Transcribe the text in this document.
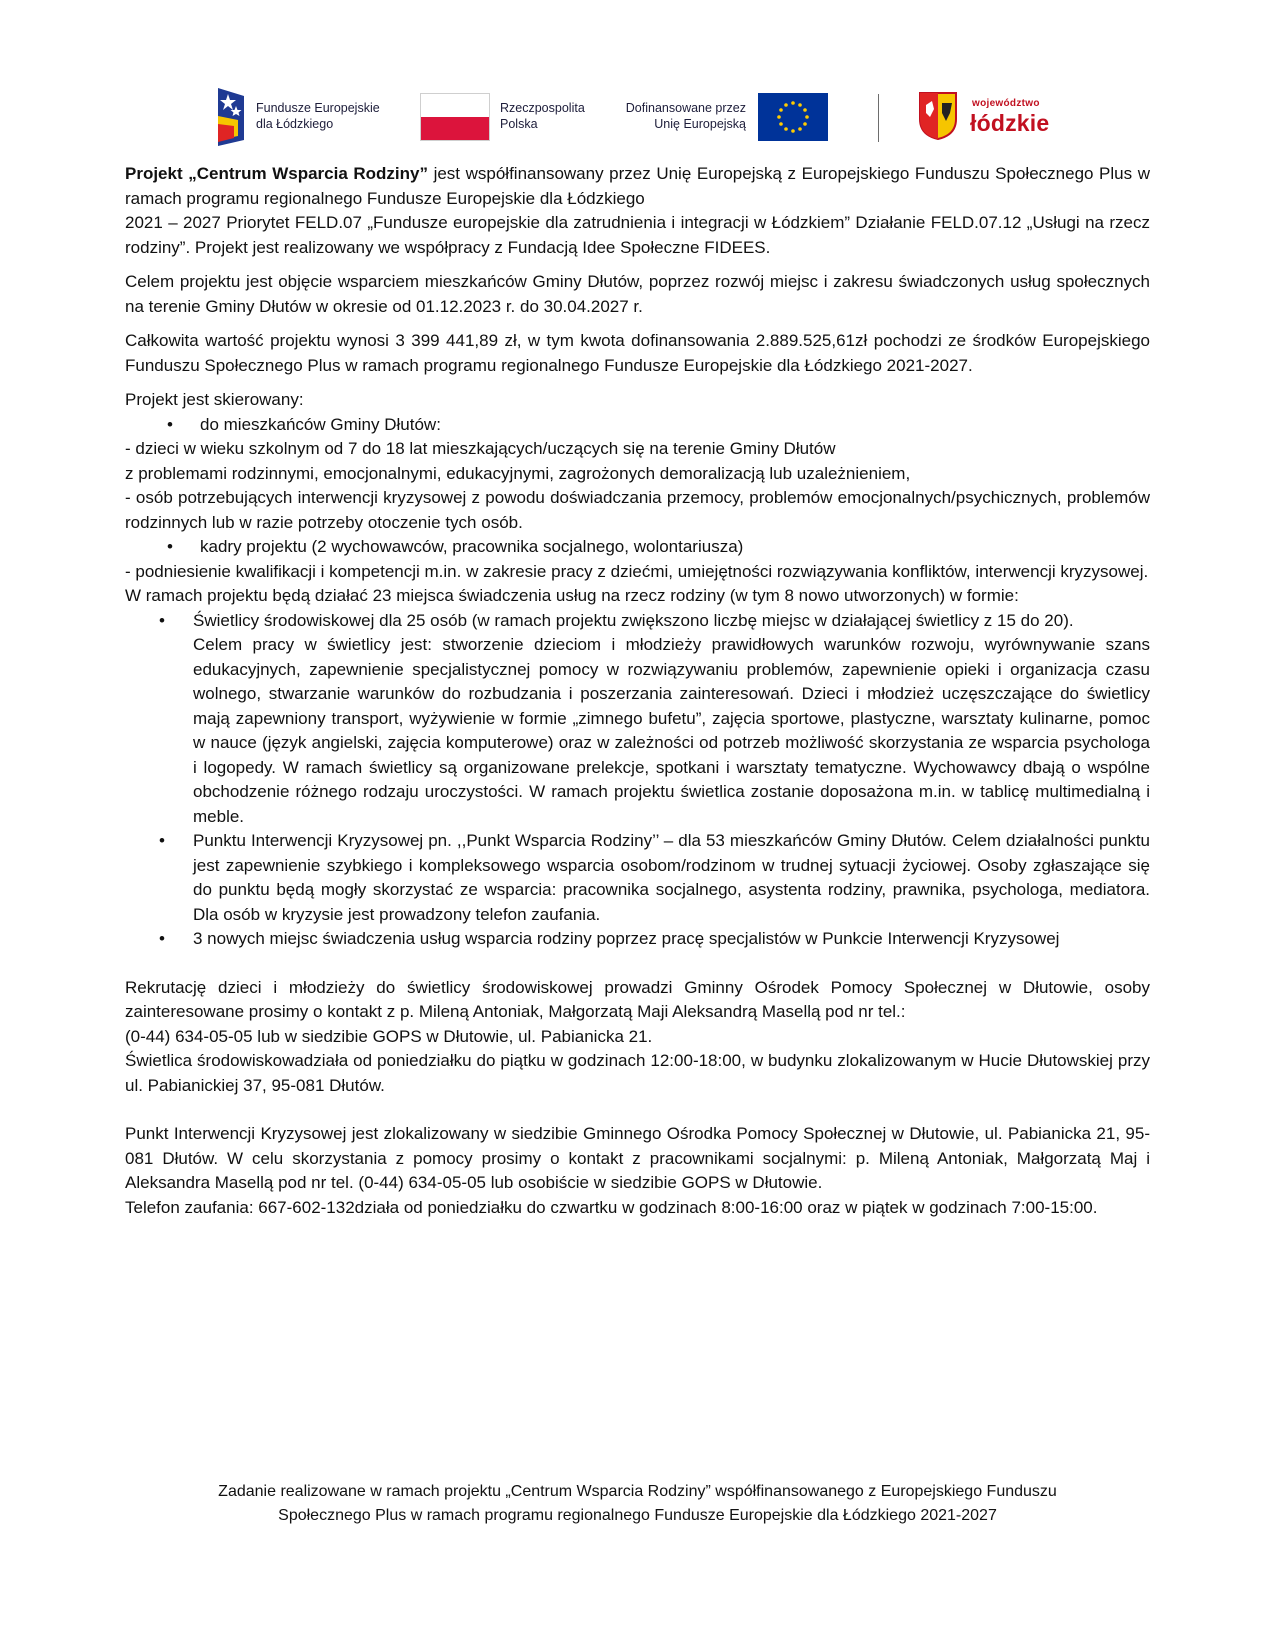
Fundusze Europejskie
dla Łódzkiego
Rzeczpospolita
Polska
Dofinansowane przez
Unię Europejską
województwo
łódzkie

Projekt „Centrum Wsparcia Rodziny” jest współfinansowany przez Unię Europejską z Europejskiego Funduszu Społecznego Plus w ramach programu regionalnego Fundusze Europejskie dla Łódzkiego

2021 – 2027 Priorytet FELD.07 „Fundusze europejskie dla zatrudnienia i integracji w Łódzkiem” Działanie FELD.07.12 „Usługi na rzecz rodziny”. Projekt jest realizowany we współpracy z Fundacją Idee Społeczne FIDEES.

Celem projektu jest objęcie wsparciem mieszkańców Gminy Dłutów, poprzez rozwój miejsc i zakresu świadczonych usług społecznych na terenie Gminy Dłutów w okresie od 01.12.2023 r. do 30.04.2027 r.

Całkowita wartość projektu wynosi 3 399 441,89 zł, w tym kwota dofinansowania 2.889.525,61zł pochodzi ze środków Europejskiego Funduszu Społecznego Plus w ramach programu regionalnego Fundusze Europejskie dla Łódzkiego 2021-2027.

Projekt jest skierowany:

• do mieszkańców Gminy Dłutów:

- dzieci w wieku szkolnym od 7 do 18 lat mieszkających/uczących się na terenie Gminy Dłutów

z problemami rodzinnymi, emocjonalnymi, edukacyjnymi, zagrożonych demoralizacją lub uzależnieniem,

- osób potrzebujących interwencji kryzysowej z powodu doświadczania przemocy, problemów emocjonalnych/psychicznych, problemów rodzinnych lub w razie potrzeby otoczenie tych osób.

• kadry projektu (2 wychowawców, pracownika socjalnego, wolontariusza)

- podniesienie kwalifikacji i kompetencji m.in. w zakresie pracy z dziećmi, umiejętności rozwiązywania konfliktów, interwencji kryzysowej.

W ramach projektu będą działać 23 miejsca świadczenia usług na rzecz rodziny (w tym 8 nowo utworzonych) w formie:

• Świetlicy środowiskowej dla 25 osób (w ramach projektu zwiększono liczbę miejsc w działającej świetlicy z 15 do 20).

Celem pracy w świetlicy jest: stworzenie dzieciom i młodzieży prawidłowych warunków rozwoju, wyrównywanie szans edukacyjnych, zapewnienie specjalistycznej pomocy w rozwiązywaniu problemów, zapewnienie opieki i organizacja czasu wolnego, stwarzanie warunków do rozbudzania i poszerzania zainteresowań. Dzieci i młodzież uczęszczające do świetlicy mają zapewniony transport, wyżywienie w formie „zimnego bufetu”, zajęcia sportowe, plastyczne, warsztaty kulinarne, pomoc w nauce (język angielski, zajęcia komputerowe) oraz w zależności od potrzeb możliwość skorzystania ze wsparcia psychologa i logopedy. W ramach świetlicy są organizowane prelekcje, spotkani i warsztaty tematyczne. Wychowawcy dbają o wspólne obchodzenie różnego rodzaju uroczystości. W ramach projektu świetlica zostanie doposażona m.in. w tablicę multimedialną i meble.

• Punktu Interwencji Kryzysowej pn. ,,Punkt Wsparcia Rodziny’’ – dla 53 mieszkańców Gminy Dłutów. Celem działalności punktu jest zapewnienie szybkiego i kompleksowego wsparcia osobom/rodzinom w trudnej sytuacji życiowej. Osoby zgłaszające się do punktu będą mogły skorzystać ze wsparcia: pracownika socjalnego, asystenta rodziny, prawnika, psychologa, mediatora. Dla osób w kryzysie jest prowadzony telefon zaufania.

• 3 nowych miejsc świadczenia usług wsparcia rodziny poprzez pracę specjalistów w Punkcie Interwencji Kryzysowej

Rekrutację dzieci i młodzieży do świetlicy środowiskowej prowadzi Gminny Ośrodek Pomocy Społecznej w Dłutowie, osoby zainteresowane prosimy o kontakt z p. Mileną Antoniak, Małgorzatą Maji Aleksandrą Masellą pod nr tel.:

(0-44) 634-05-05 lub w siedzibie GOPS w Dłutowie, ul. Pabianicka 21.

Świetlica środowiskowadziała od poniedziałku do piątku w godzinach 12:00-18:00, w budynku zlokalizowanym w Hucie Dłutowskiej przy ul. Pabianickiej 37, 95-081 Dłutów.

Punkt Interwencji Kryzysowej jest zlokalizowany w siedzibie Gminnego Ośrodka Pomocy Społecznej w Dłutowie, ul. Pabianicka 21, 95-081 Dłutów. W celu skorzystania z pomocy prosimy o kontakt z pracownikami socjalnymi: p. Mileną Antoniak, Małgorzatą Maj i Aleksandra Masellą pod nr tel. (0-44) 634-05-05 lub osobiście w siedzibie GOPS w Dłutowie.

Telefon zaufania: 667-602-132działa od poniedziałku do czwartku w godzinach 8:00-16:00 oraz w piątek w godzinach 7:00-15:00.

Zadanie realizowane w ramach projektu „Centrum Wsparcia Rodziny” współfinansowanego z Europejskiego Funduszu
Społecznego Plus w ramach programu regionalnego Fundusze Europejskie dla Łódzkiego 2021-2027
